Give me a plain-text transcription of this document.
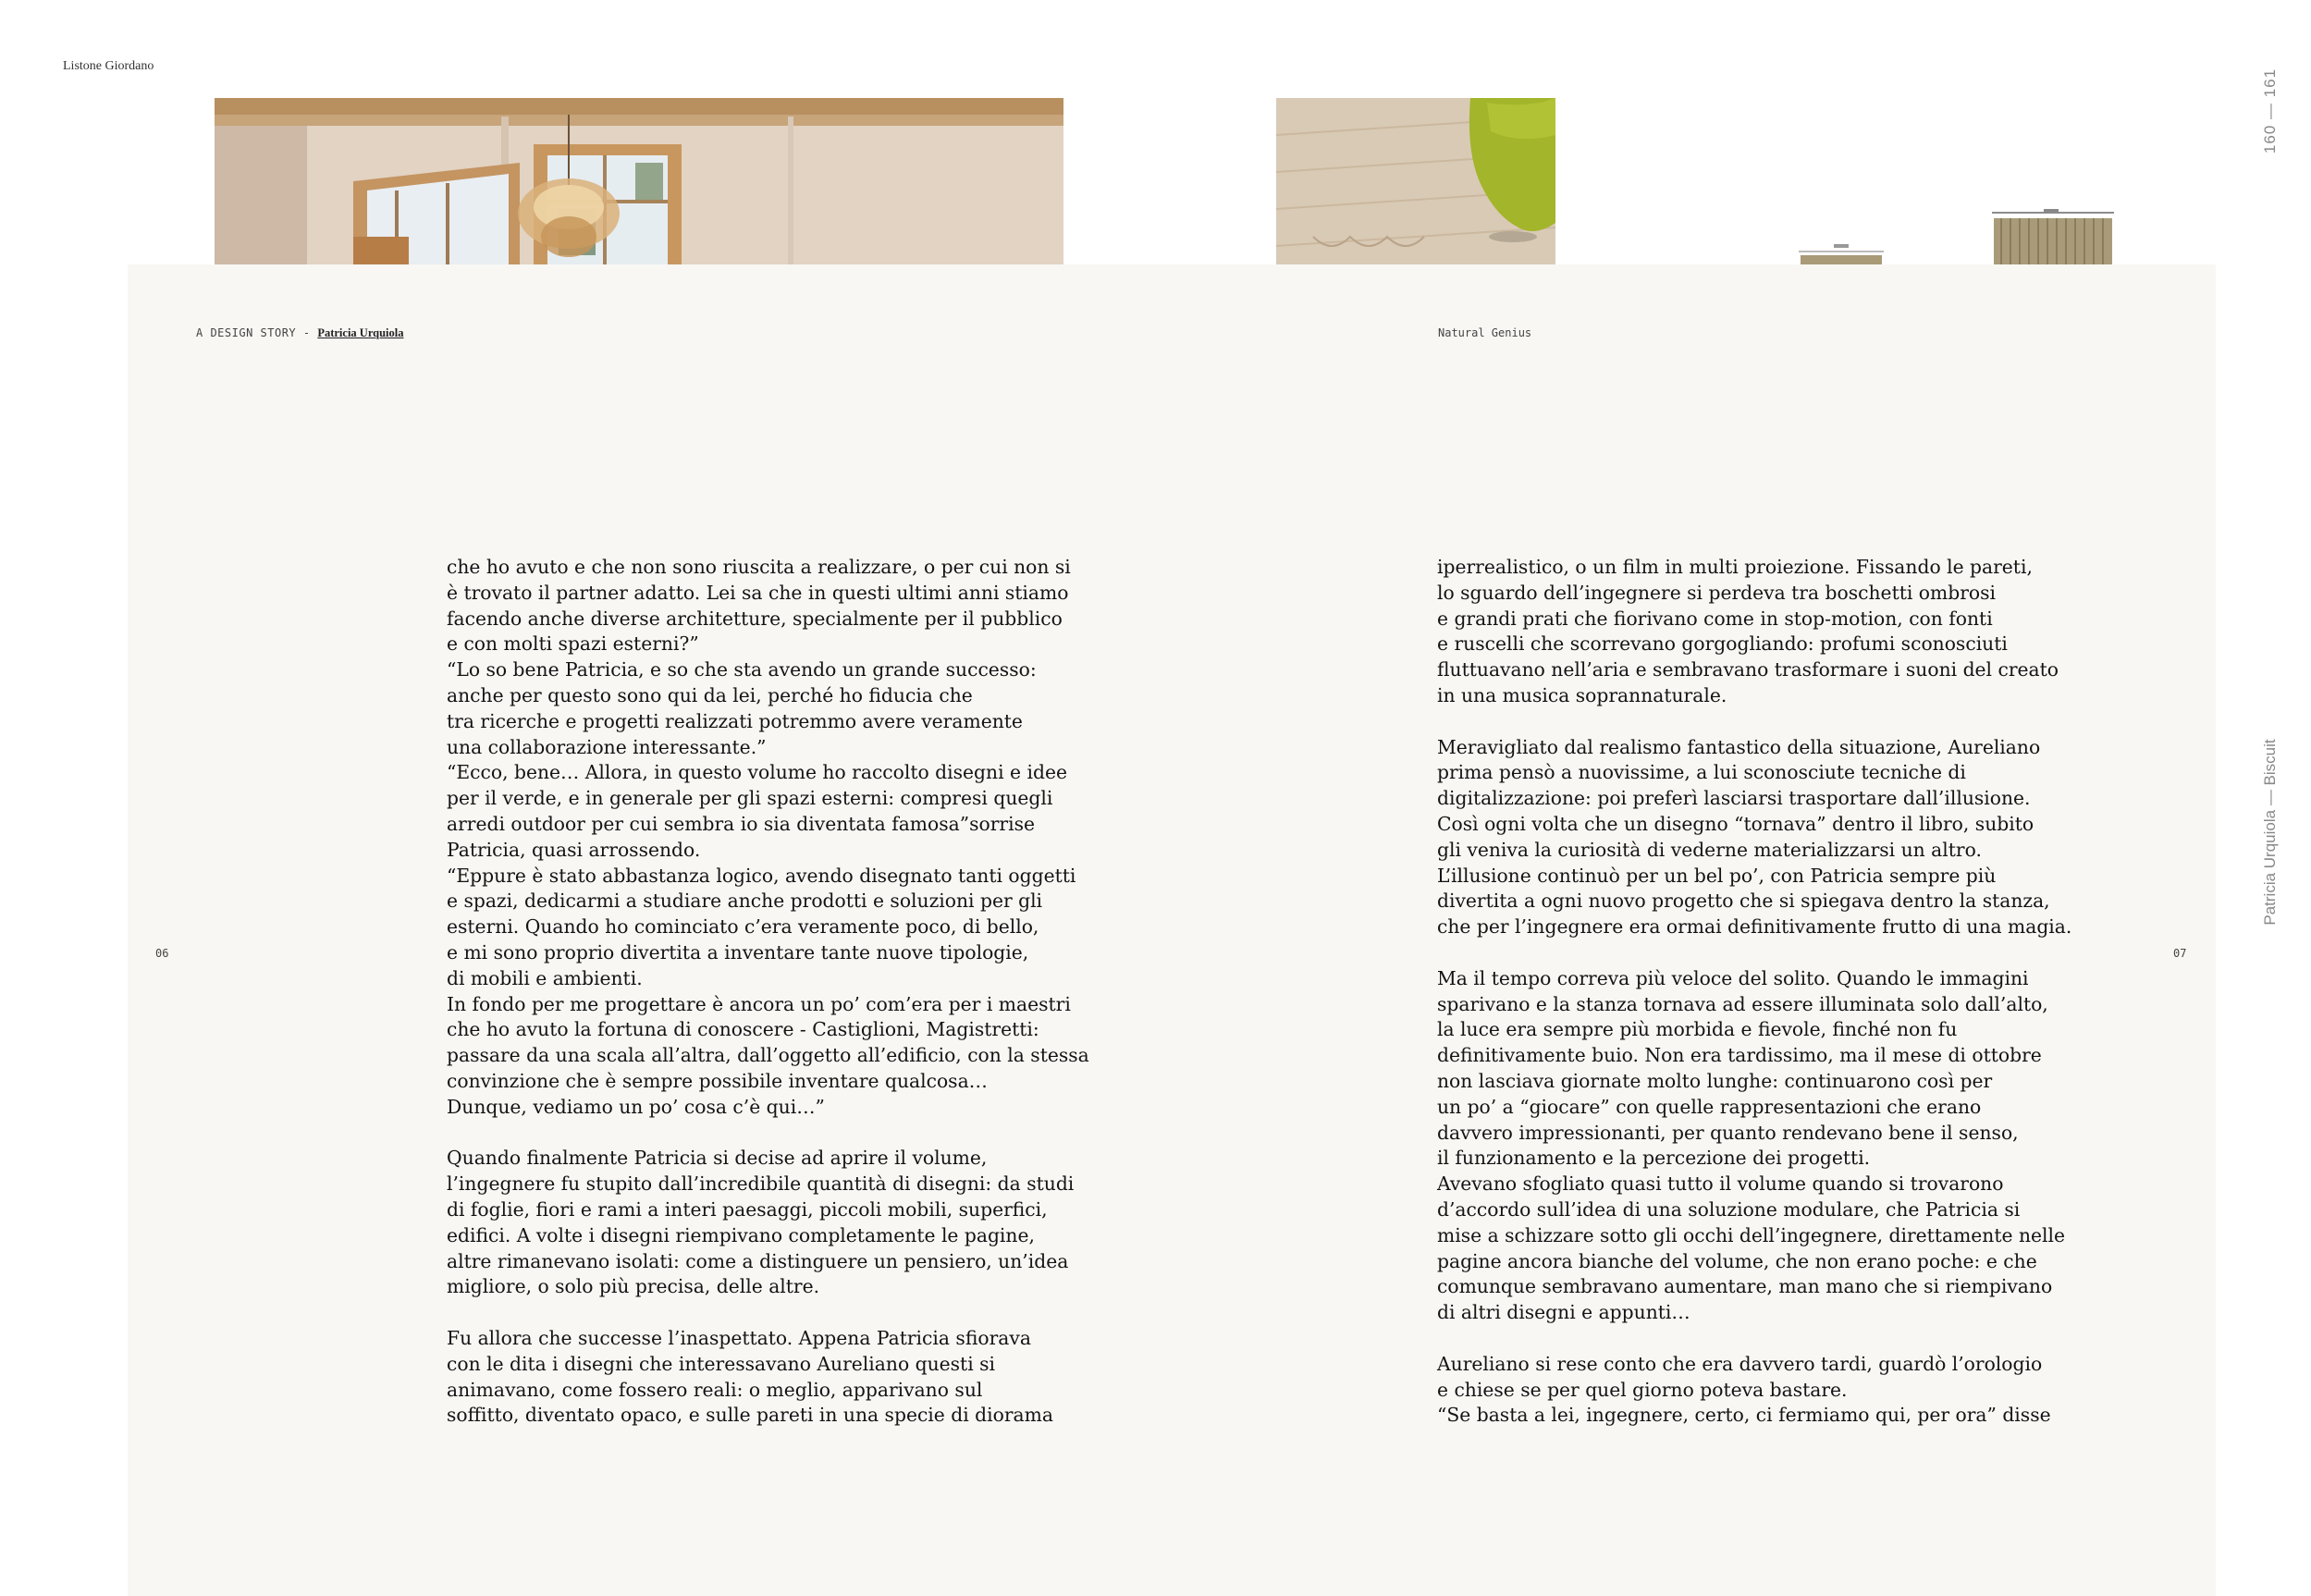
Listone Giordano
160 — 161
Patricia Urquiola — Biscuit
A DESIGN STORY - Patricia Urquiola	Natural Genius
06	07
che ho avuto e che non sono riuscita a realizzare, o per cui non si
è trovato il partner adatto. Lei sa che in questi ultimi anni stiamo
facendo anche diverse architetture, specialmente per il pubblico
e con molti spazi esterni?”
“Lo so bene Patricia, e so che sta avendo un grande successo:
anche per questo sono qui da lei, perché ho fiducia che
tra ricerche e progetti realizzati potremmo avere veramente
una collaborazione interessante.”
“Ecco, bene… Allora, in questo volume ho raccolto disegni e idee
per il verde, e in generale per gli spazi esterni: compresi quegli
arredi outdoor per cui sembra io sia diventata famosa”sorrise
Patricia, quasi arrossendo.
“Eppure è stato abbastanza logico, avendo disegnato tanti oggetti
e spazi, dedicarmi a studiare anche prodotti e soluzioni per gli
esterni. Quando ho cominciato c’era veramente poco, di bello,
e mi sono proprio divertita a inventare tante nuove tipologie,
di mobili e ambienti.
In fondo per me progettare è ancora un po’ com’era per i maestri
che ho avuto la fortuna di conoscere - Castiglioni, Magistretti:
passare da una scala all’altra, dall’oggetto all’edificio, con la stessa
convinzione che è sempre possibile inventare qualcosa…
Dunque, vediamo un po’ cosa c’è qui…”
Quando finalmente Patricia si decise ad aprire il volume,
l’ingegnere fu stupito dall’incredibile quantità di disegni: da studi
di foglie, fiori e rami a interi paesaggi, piccoli mobili, superfici,
edifici. A volte i disegni riempivano completamente le pagine,
altre rimanevano isolati: come a distinguere un pensiero, un’idea
migliore, o solo più precisa, delle altre.
Fu allora che successe l’inaspettato. Appena Patricia sfiorava
con le dita i disegni che interessavano Aureliano questi si
animavano, come fossero reali: o meglio, apparivano sul
soffitto, diventato opaco, e sulle pareti in una specie di diorama
iperrealistico, o un film in multi proiezione. Fissando le pareti,
lo sguardo dell’ingegnere si perdeva tra boschetti ombrosi
e grandi prati che fiorivano come in stop-motion, con fonti
e ruscelli che scorrevano gorgogliando: profumi sconosciuti
fluttuavano nell’aria e sembravano trasformare i suoni del creato
in una musica soprannaturale.
Meravigliato dal realismo fantastico della situazione, Aureliano
prima pensò a nuovissime, a lui sconosciute tecniche di
digitalizzazione: poi preferì lasciarsi trasportare dall’illusione.
Così ogni volta che un disegno “tornava” dentro il libro, subito
gli veniva la curiosità di vederne materializzarsi un altro.
L’illusione continuò per un bel po’, con Patricia sempre più
divertita a ogni nuovo progetto che si spiegava dentro la stanza,
che per l’ingegnere era ormai definitivamente frutto di una magia.
Ma il tempo correva più veloce del solito. Quando le immagini
sparivano e la stanza tornava ad essere illuminata solo dall’alto,
la luce era sempre più morbida e fievole, finché non fu
definitivamente buio. Non era tardissimo, ma il mese di ottobre
non lasciava giornate molto lunghe: continuarono così per
un po’ a “giocare” con quelle rappresentazioni che erano
davvero impressionanti, per quanto rendevano bene il senso,
il funzionamento e la percezione dei progetti.
Avevano sfogliato quasi tutto il volume quando si trovarono
d’accordo sull’idea di una soluzione modulare, che Patricia si
mise a schizzare sotto gli occhi dell’ingegnere, direttamente nelle
pagine ancora bianche del volume, che non erano poche: e che
comunque sembravano aumentare, man mano che si riempivano
di altri disegni e appunti…
Aureliano si rese conto che era davvero tardi, guardò l’orologio
e chiese se per quel giorno poteva bastare.
“Se basta a lei, ingegnere, certo, ci fermiamo qui, per ora” disse
